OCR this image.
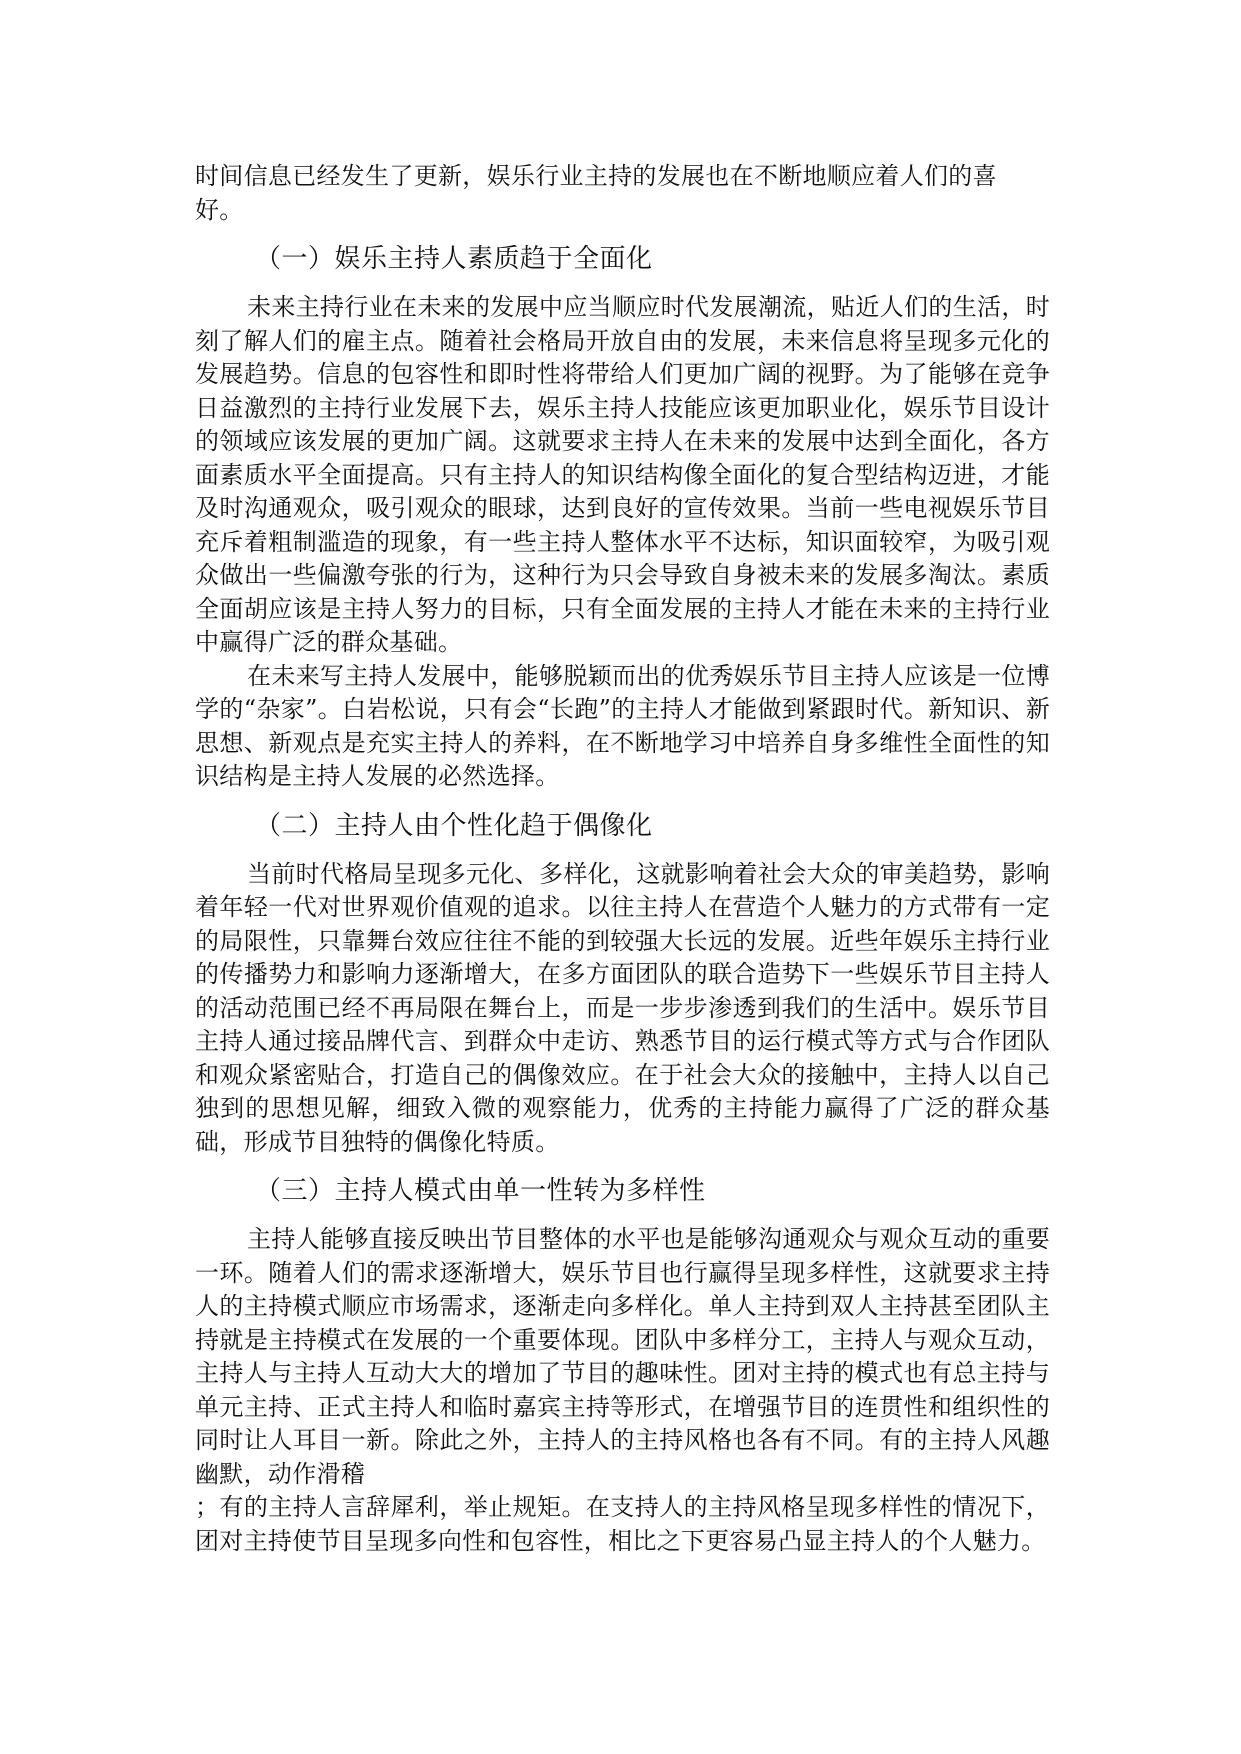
时间信息已经发生了更新，娱乐行业主持的发展也在不断地顺应着人们的喜
好。

（一）娱乐主持人素质趋于全面化

未来主持行业在未来的发展中应当顺应时代发展潮流，贴近人们的生活，时刻了解人们的雇主点。随着社会格局开放自由的发展，未来信息将呈现多元化的发展趋势。信息的包容性和即时性将带给人们更加广阔的视野。为了能够在竞争日益激烈的主持行业发展下去，娱乐主持人技能应该更加职业化，娱乐节目设计的领域应该发展的更加广阔。这就要求主持人在未来的发展中达到全面化，各方面素质水平全面提高。只有主持人的知识结构像全面化的复合型结构迈进，才能及时沟通观众，吸引观众的眼球，达到良好的宣传效果。当前一些电视娱乐节目充斥着粗制滥造的现象，有一些主持人整体水平不达标，知识面较窄，为吸引观众做出一些偏激夸张的行为，这种行为只会导致自身被未来的发展多淘汰。素质全面胡应该是主持人努力的目标，只有全面发展的主持人才能在未来的主持行业中赢得广泛的群众基础。

在未来写主持人发展中，能够脱颖而出的优秀娱乐节目主持人应该是一位博学的“杂家”。白岩松说，只有会“长跑”的主持人才能做到紧跟时代。新知识、新思想、新观点是充实主持人的养料，在不断地学习中培养自身多维性全面性的知识结构是主持人发展的必然选择。

（二）主持人由个性化趋于偶像化

当前时代格局呈现多元化、多样化，这就影响着社会大众的审美趋势，影响着年轻一代对世界观价值观的追求。以往主持人在营造个人魅力的方式带有一定的局限性，只靠舞台效应往往不能的到较强大长远的发展。近些年娱乐主持行业的传播势力和影响力逐渐增大，在多方面团队的联合造势下一些娱乐节目主持人的活动范围已经不再局限在舞台上，而是一步步渗透到我们的生活中。娱乐节目主持人通过接品牌代言、到群众中走访、熟悉节目的运行模式等方式与合作团队和观众紧密贴合，打造自己的偶像效应。在于社会大众的接触中，主持人以自己独到的思想见解，细致入微的观察能力，优秀的主持能力赢得了广泛的群众基础，形成节目独特的偶像化特质。

（三）主持人模式由单一性转为多样性

主持人能够直接反映出节目整体的水平也是能够沟通观众与观众互动的重要一环。随着人们的需求逐渐增大，娱乐节目也行赢得呈现多样性，这就要求主持人的主持模式顺应市场需求，逐渐走向多样化。单人主持到双人主持甚至团队主持就是主持模式在发展的一个重要体现。团队中多样分工，主持人与观众互动，主持人与主持人互动大大的增加了节目的趣味性。团对主持的模式也有总主持与单元主持、正式主持人和临时嘉宾主持等形式，在增强节目的连贯性和组织性的同时让人耳目一新。除此之外，主持人的主持风格也各有不同。有的主持人风趣幽默，动作滑稽

；有的主持人言辞犀利，举止规矩。在支持人的主持风格呈现多样性的情况下，团对主持使节目呈现多向性和包容性，相比之下更容易凸显主持人的个人魅力。
